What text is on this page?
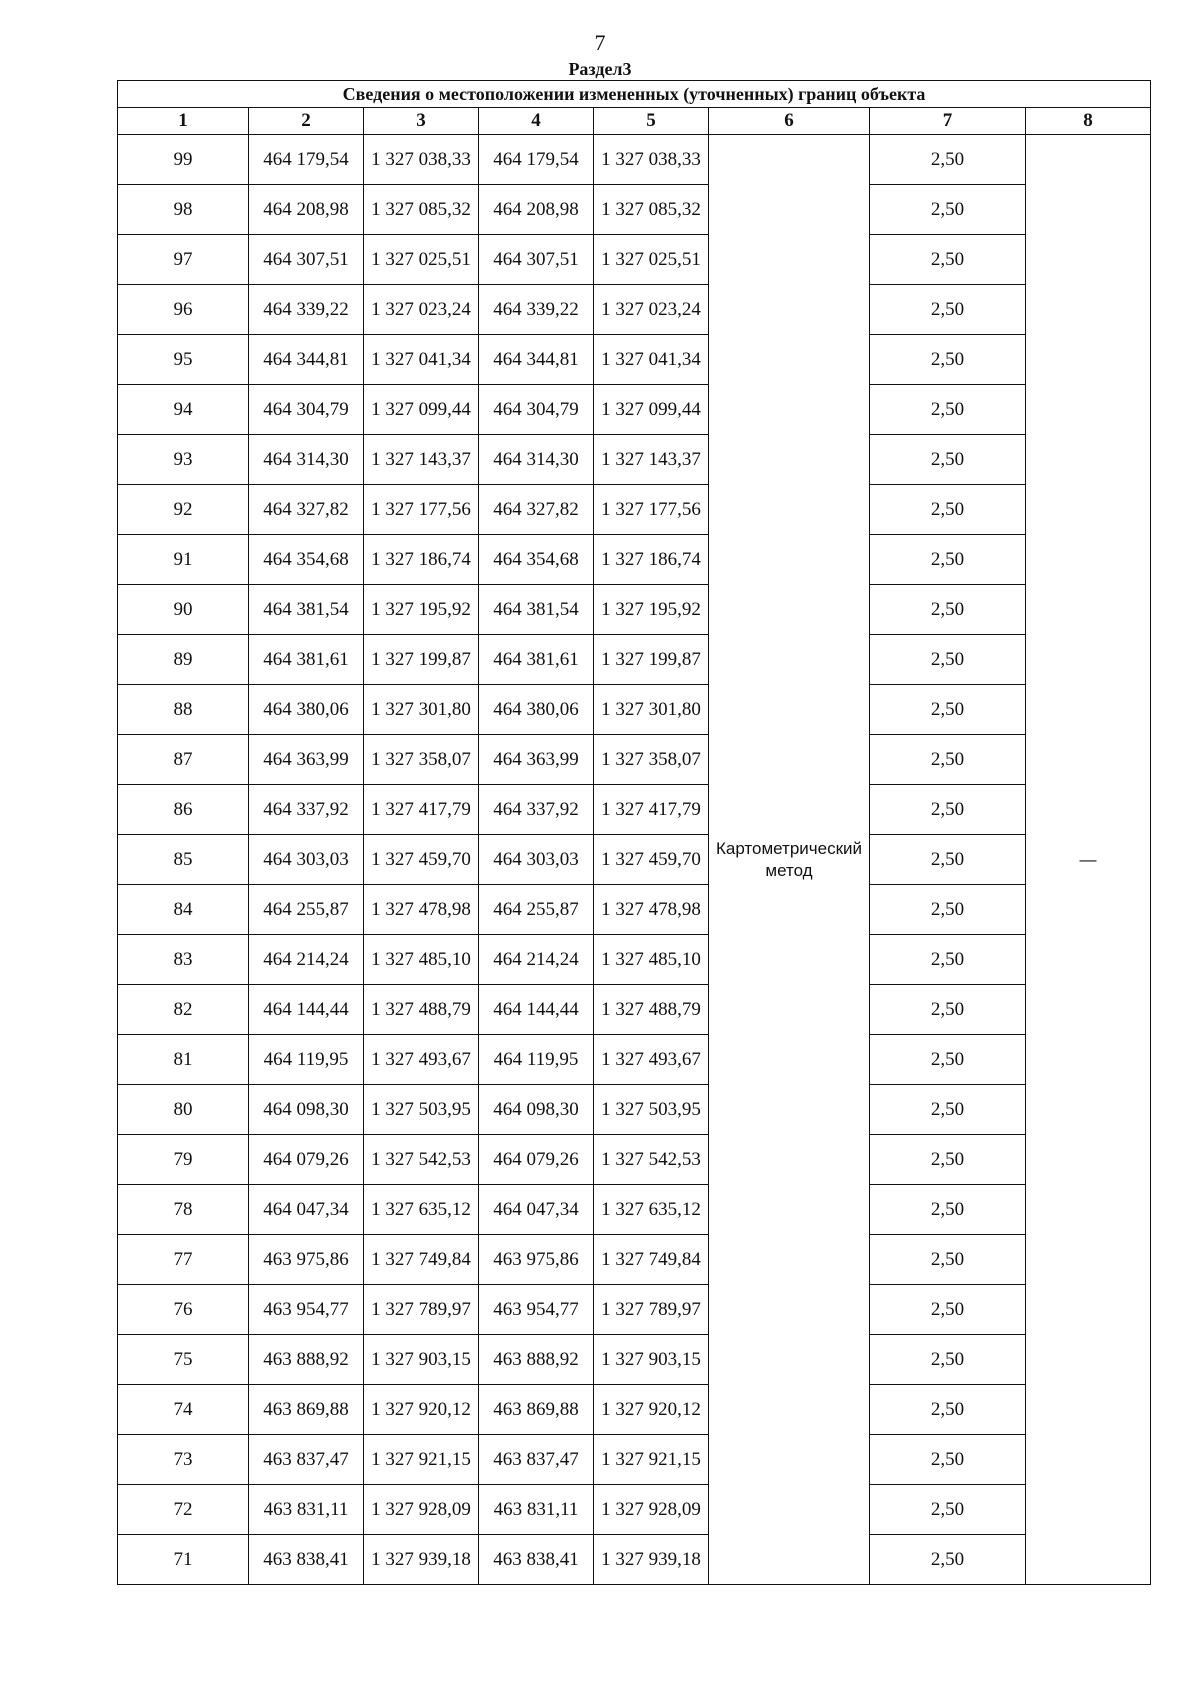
7
Раздел3
Сведения о местоположении измененных (уточненных) границ объекта							
1	2	3	4	5	6	7	8
99	464 179,54	1 327 038,33	464 179,54	1 327 038,33	Картометрический метод	2,50	—
98	464 208,98	1 327 085,32	464 208,98	1 327 085,32		2,50	
97	464 307,51	1 327 025,51	464 307,51	1 327 025,51		2,50	
96	464 339,22	1 327 023,24	464 339,22	1 327 023,24		2,50	
95	464 344,81	1 327 041,34	464 344,81	1 327 041,34		2,50	
94	464 304,79	1 327 099,44	464 304,79	1 327 099,44		2,50	
93	464 314,30	1 327 143,37	464 314,30	1 327 143,37		2,50	
92	464 327,82	1 327 177,56	464 327,82	1 327 177,56		2,50	
91	464 354,68	1 327 186,74	464 354,68	1 327 186,74		2,50	
90	464 381,54	1 327 195,92	464 381,54	1 327 195,92		2,50	
89	464 381,61	1 327 199,87	464 381,61	1 327 199,87		2,50	
88	464 380,06	1 327 301,80	464 380,06	1 327 301,80		2,50	
87	464 363,99	1 327 358,07	464 363,99	1 327 358,07		2,50	
86	464 337,92	1 327 417,79	464 337,92	1 327 417,79		2,50	
85	464 303,03	1 327 459,70	464 303,03	1 327 459,70		2,50	
84	464 255,87	1 327 478,98	464 255,87	1 327 478,98		2,50	
83	464 214,24	1 327 485,10	464 214,24	1 327 485,10		2,50	
82	464 144,44	1 327 488,79	464 144,44	1 327 488,79		2,50	
81	464 119,95	1 327 493,67	464 119,95	1 327 493,67		2,50	
80	464 098,30	1 327 503,95	464 098,30	1 327 503,95		2,50	
79	464 079,26	1 327 542,53	464 079,26	1 327 542,53		2,50	
78	464 047,34	1 327 635,12	464 047,34	1 327 635,12		2,50	
77	463 975,86	1 327 749,84	463 975,86	1 327 749,84		2,50	
76	463 954,77	1 327 789,97	463 954,77	1 327 789,97		2,50	
75	463 888,92	1 327 903,15	463 888,92	1 327 903,15		2,50	
74	463 869,88	1 327 920,12	463 869,88	1 327 920,12		2,50	
73	463 837,47	1 327 921,15	463 837,47	1 327 921,15		2,50	
72	463 831,11	1 327 928,09	463 831,11	1 327 928,09		2,50	
71	463 838,41	1 327 939,18	463 838,41	1 327 939,18		2,50	
